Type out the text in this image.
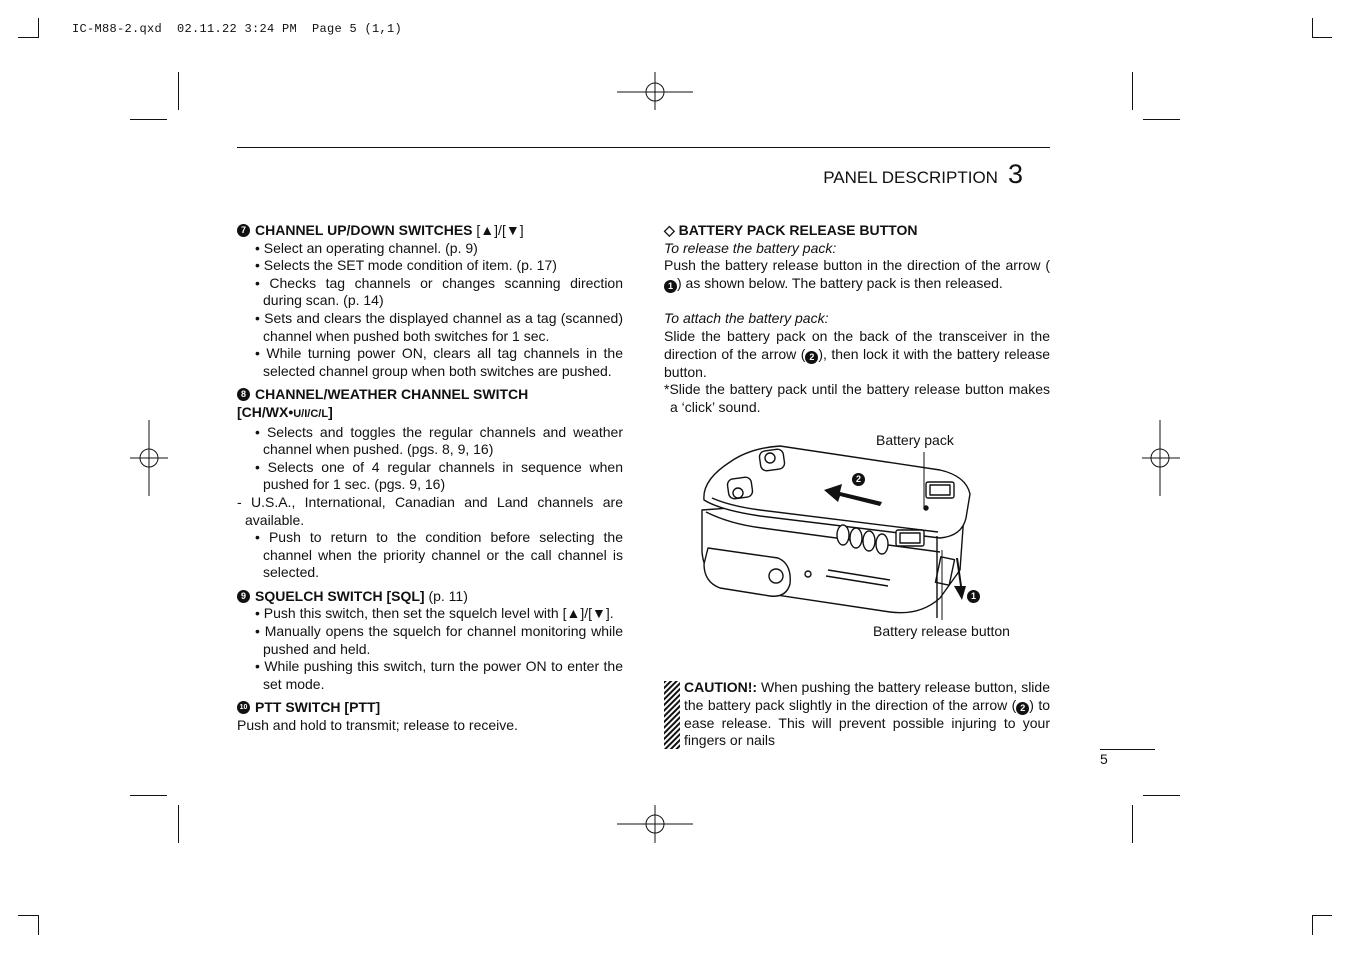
IC-M88-2.qxd  02.11.22 3:24 PM  Page 5 (1,1)
PANEL DESCRIPTION 3

7 CHANNEL UP/DOWN SWITCHES [▲]/[▼]

• Select an operating channel. (p. 9)

• Selects the SET mode condition of item. (p. 17)

• Checks tag channels or changes scanning direction during scan. (p. 14)

• Sets and clears the displayed channel as a tag (scanned) channel when pushed both switches for 1 sec.

• While turning power ON, clears all tag channels in the selected channel group when both switches are pushed.

8 CHANNEL/WEATHER CHANNEL SWITCH

[CH/WX•U/I/C/L]

• Selects and toggles the regular channels and weather channel when pushed. (pgs. 8, 9, 16)

• Selects one of 4 regular channels in sequence when pushed for 1 sec. (pgs. 9, 16)

- U.S.A., International, Canadian and Land channels are available.

• Push to return to the condition before selecting the channel when the priority channel or the call channel is selected.

9 SQUELCH SWITCH [SQL] (p. 11)

• Push this switch, then set the squelch level with [▲]/[▼].

• Manually opens the squelch for channel monitoring while pushed and held.

• While pushing this switch, turn the power ON to enter the set mode.

10 PTT SWITCH [PTT]

Push and hold to transmit; release to receive.

◇ BATTERY PACK RELEASE BUTTON

To release the battery pack:

Push the battery release button in the direction of the arrow (1 ) as shown below. The battery pack is then released.

To attach the battery pack:

Slide the battery pack on the back of the transceiver in the direction of the arrow ( 2 ), then lock it with the battery release button.

*Slide the battery pack until the battery release button makes a ‘click’ sound.

2
1
Battery pack
Battery release button
CAUTION!: When pushing the battery release button, slide the battery pack slightly in the direction of the arrow ( 2 ) to ease release. This will prevent possible injuring to your fingers or nails
5
